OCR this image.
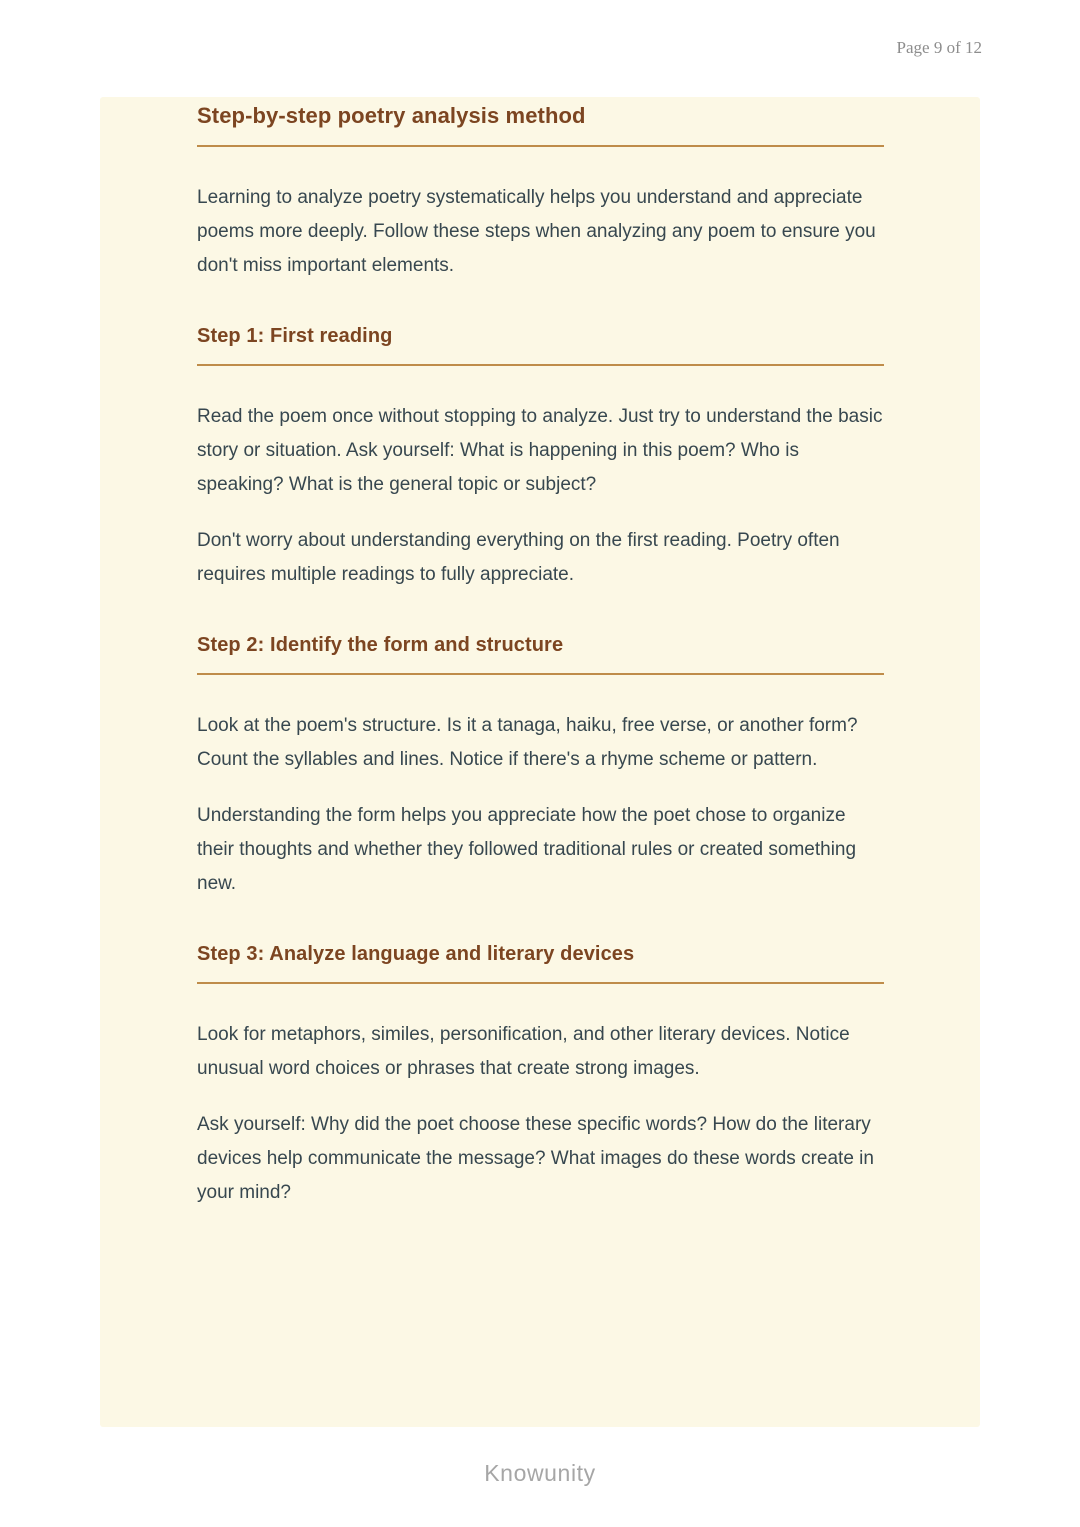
Page 9 of 12
Step-by-step poetry analysis method

Learning to analyze poetry systematically helps you understand and appreciate poems more deeply. Follow these steps when analyzing any poem to ensure you don't miss important elements.

Step 1: First reading

Read the poem once without stopping to analyze. Just try to understand the basic story or situation. Ask yourself: What is happening in this poem? Who is speaking? What is the general topic or subject?

Don't worry about understanding everything on the first reading. Poetry often requires multiple readings to fully appreciate.

Step 2: Identify the form and structure

Look at the poem's structure. Is it a tanaga, haiku, free verse, or another form? Count the syllables and lines. Notice if there's a rhyme scheme or pattern.

Understanding the form helps you appreciate how the poet chose to organize their thoughts and whether they followed traditional rules or created something new.

Step 3: Analyze language and literary devices

Look for metaphors, similes, personification, and other literary devices. Notice unusual word choices or phrases that create strong images.

Ask yourself: Why did the poet choose these specific words? How do the literary devices help communicate the message? What images do these words create in your mind?

Knowunity
